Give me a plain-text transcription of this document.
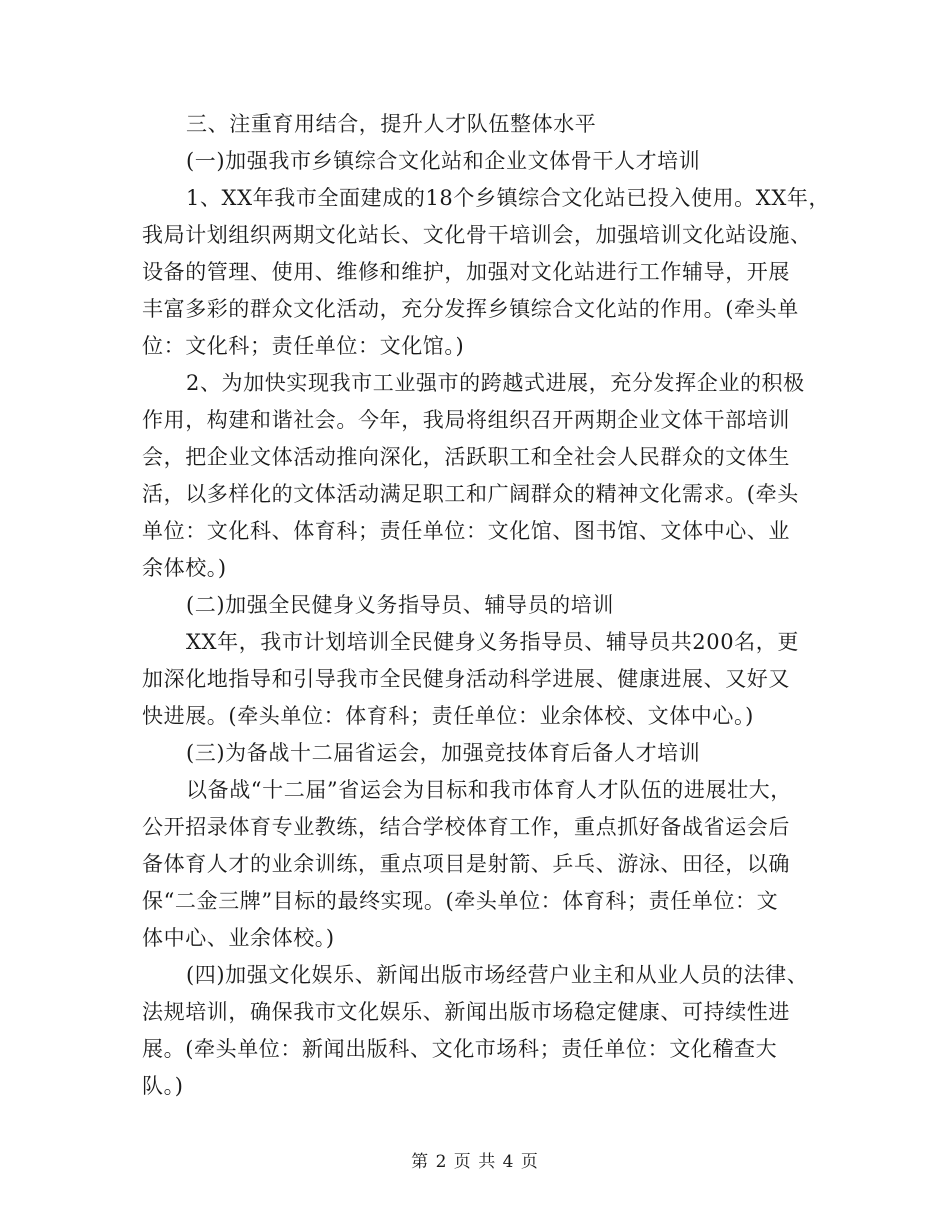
三、注重育用结合，提升人才队伍整体水平
(一)加强我市乡镇综合文化站和企业文体骨干人才培训
1、XX年我市全面建成的18个乡镇综合文化站已投入使用。XX年，
我局计划组织两期文化站长、文化骨干培训会，加强培训文化站设施、
设备的管理、使用、维修和维护，加强对文化站进行工作辅导，开展
丰富多彩的群众文化活动，充分发挥乡镇综合文化站的作用。(牵头单
位：文化科；责任单位：文化馆。)
2、为加快实现我市工业强市的跨越式进展，充分发挥企业的积极
作用，构建和谐社会。今年，我局将组织召开两期企业文体干部培训
会，把企业文体活动推向深化，活跃职工和全社会人民群众的文体生
活，以多样化的文体活动满足职工和广阔群众的精神文化需求。(牵头
单位：文化科、体育科；责任单位：文化馆、图书馆、文体中心、业
余体校。)
(二)加强全民健身义务指导员、辅导员的培训
XX年，我市计划培训全民健身义务指导员、辅导员共200名，更
加深化地指导和引导我市全民健身活动科学进展、健康进展、又好又
快进展。(牵头单位：体育科；责任单位：业余体校、文体中心。)
(三)为备战十二届省运会，加强竞技体育后备人才培训
以备战“十二届”省运会为目标和我市体育人才队伍的进展壮大，
公开招录体育专业教练，结合学校体育工作，重点抓好备战省运会后
备体育人才的业余训练，重点项目是射箭、乒乓、游泳、田径，以确
保“二金三牌”目标的最终实现。(牵头单位：体育科；责任单位：文
体中心、业余体校。)
(四)加强文化娱乐、新闻出版市场经营户业主和从业人员的法律、
法规培训，确保我市文化娱乐、新闻出版市场稳定健康、可持续性进
展。(牵头单位：新闻出版科、文化市场科；责任单位：文化稽查大
队。)
第 2 页 共 4 页
